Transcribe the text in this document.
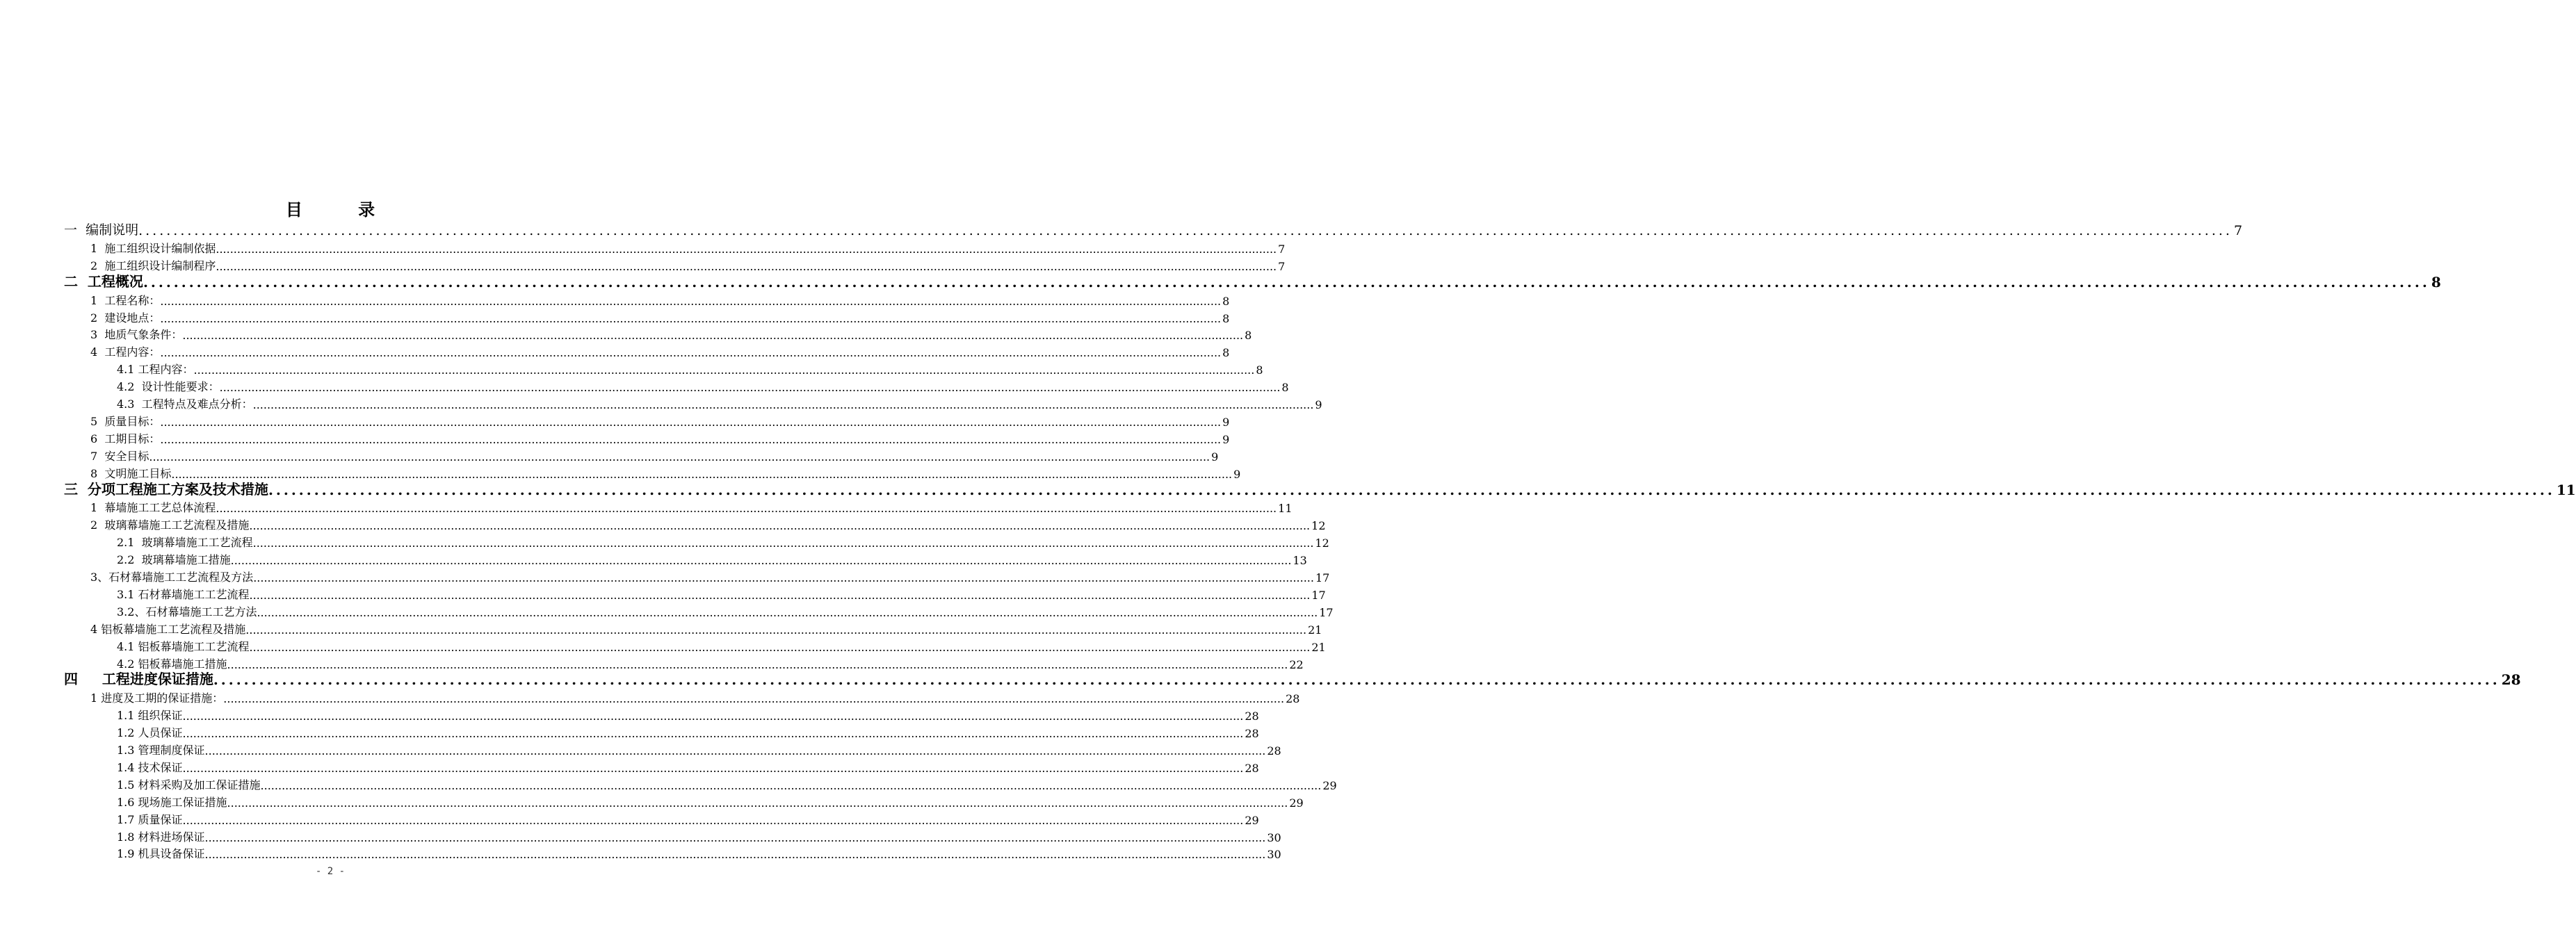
目 录
一  编制说明 ............................................................................................................................................................................................................................................................................................................ 7
1  施工组织设计编制依据 ............................................................................................................................................................................................................................................................................................................ 7
2  施工组织设计编制程序 ............................................................................................................................................................................................................................................................................................................ 7
二  工程概况 ............................................................................................................................................................................................................................................................................................................ 8
1  工程名称： ............................................................................................................................................................................................................................................................................................................ 8
2  建设地点： ............................................................................................................................................................................................................................................................................................................ 8
3  地质气象条件： ............................................................................................................................................................................................................................................................................................................ 8
4  工程内容： ............................................................................................................................................................................................................................................................................................................ 8
4.1 工程内容： ............................................................................................................................................................................................................................................................................................................ 8
4.2  设计性能要求： ............................................................................................................................................................................................................................................................................................................ 8
4.3  工程特点及难点分析： ............................................................................................................................................................................................................................................................................................................ 9
5  质量目标： ............................................................................................................................................................................................................................................................................................................ 9
6  工期目标： ............................................................................................................................................................................................................................................................................................................ 9
7  安全目标 ............................................................................................................................................................................................................................................................................................................ 9
8  文明施工目标 ............................................................................................................................................................................................................................................................................................................ 9
三  分项工程施工方案及技术措施 ............................................................................................................................................................................................................................................................................................................ 11
1  幕墙施工工艺总体流程 ............................................................................................................................................................................................................................................................................................................ 11
2  玻璃幕墙施工工艺流程及措施 ............................................................................................................................................................................................................................................................................................................ 12
2.1  玻璃幕墙施工工艺流程 ............................................................................................................................................................................................................................................................................................................ 12
2.2  玻璃幕墙施工措施 ............................................................................................................................................................................................................................................................................................................ 13
3、石材幕墙施工工艺流程及方法 ............................................................................................................................................................................................................................................................................................................ 17
3.1 石材幕墙施工工艺流程 ............................................................................................................................................................................................................................................................................................................ 17
3.2、石材幕墙施工工艺方法 ............................................................................................................................................................................................................................................................................................................ 17
4 铝板幕墙施工工艺流程及措施 ............................................................................................................................................................................................................................................................................................................ 21
4.1 铝板幕墙施工工艺流程 ............................................................................................................................................................................................................................................................................................................ 21
4.2 铝板幕墙施工措施 ............................................................................................................................................................................................................................................................................................................ 22
四     工程进度保证措施 ............................................................................................................................................................................................................................................................................................................ 28
1 进度及工期的保证措施： ............................................................................................................................................................................................................................................................................................................ 28
1.1 组织保证 ............................................................................................................................................................................................................................................................................................................ 28
1.2 人员保证 ............................................................................................................................................................................................................................................................................................................ 28
1.3 管理制度保证 ............................................................................................................................................................................................................................................................................................................ 28
1.4 技术保证 ............................................................................................................................................................................................................................................................................................................ 28
1.5 材料采购及加工保证措施 ............................................................................................................................................................................................................................................................................................................ 29
1.6 现场施工保证措施 ............................................................................................................................................................................................................................................................................................................ 29
1.7 质量保证 ............................................................................................................................................................................................................................................................................................................ 29
1.8 材料进场保证 ............................................................................................................................................................................................................................................................................................................ 30
1.9 机具设备保证 ............................................................................................................................................................................................................................................................................................................ 30
- 2 -
